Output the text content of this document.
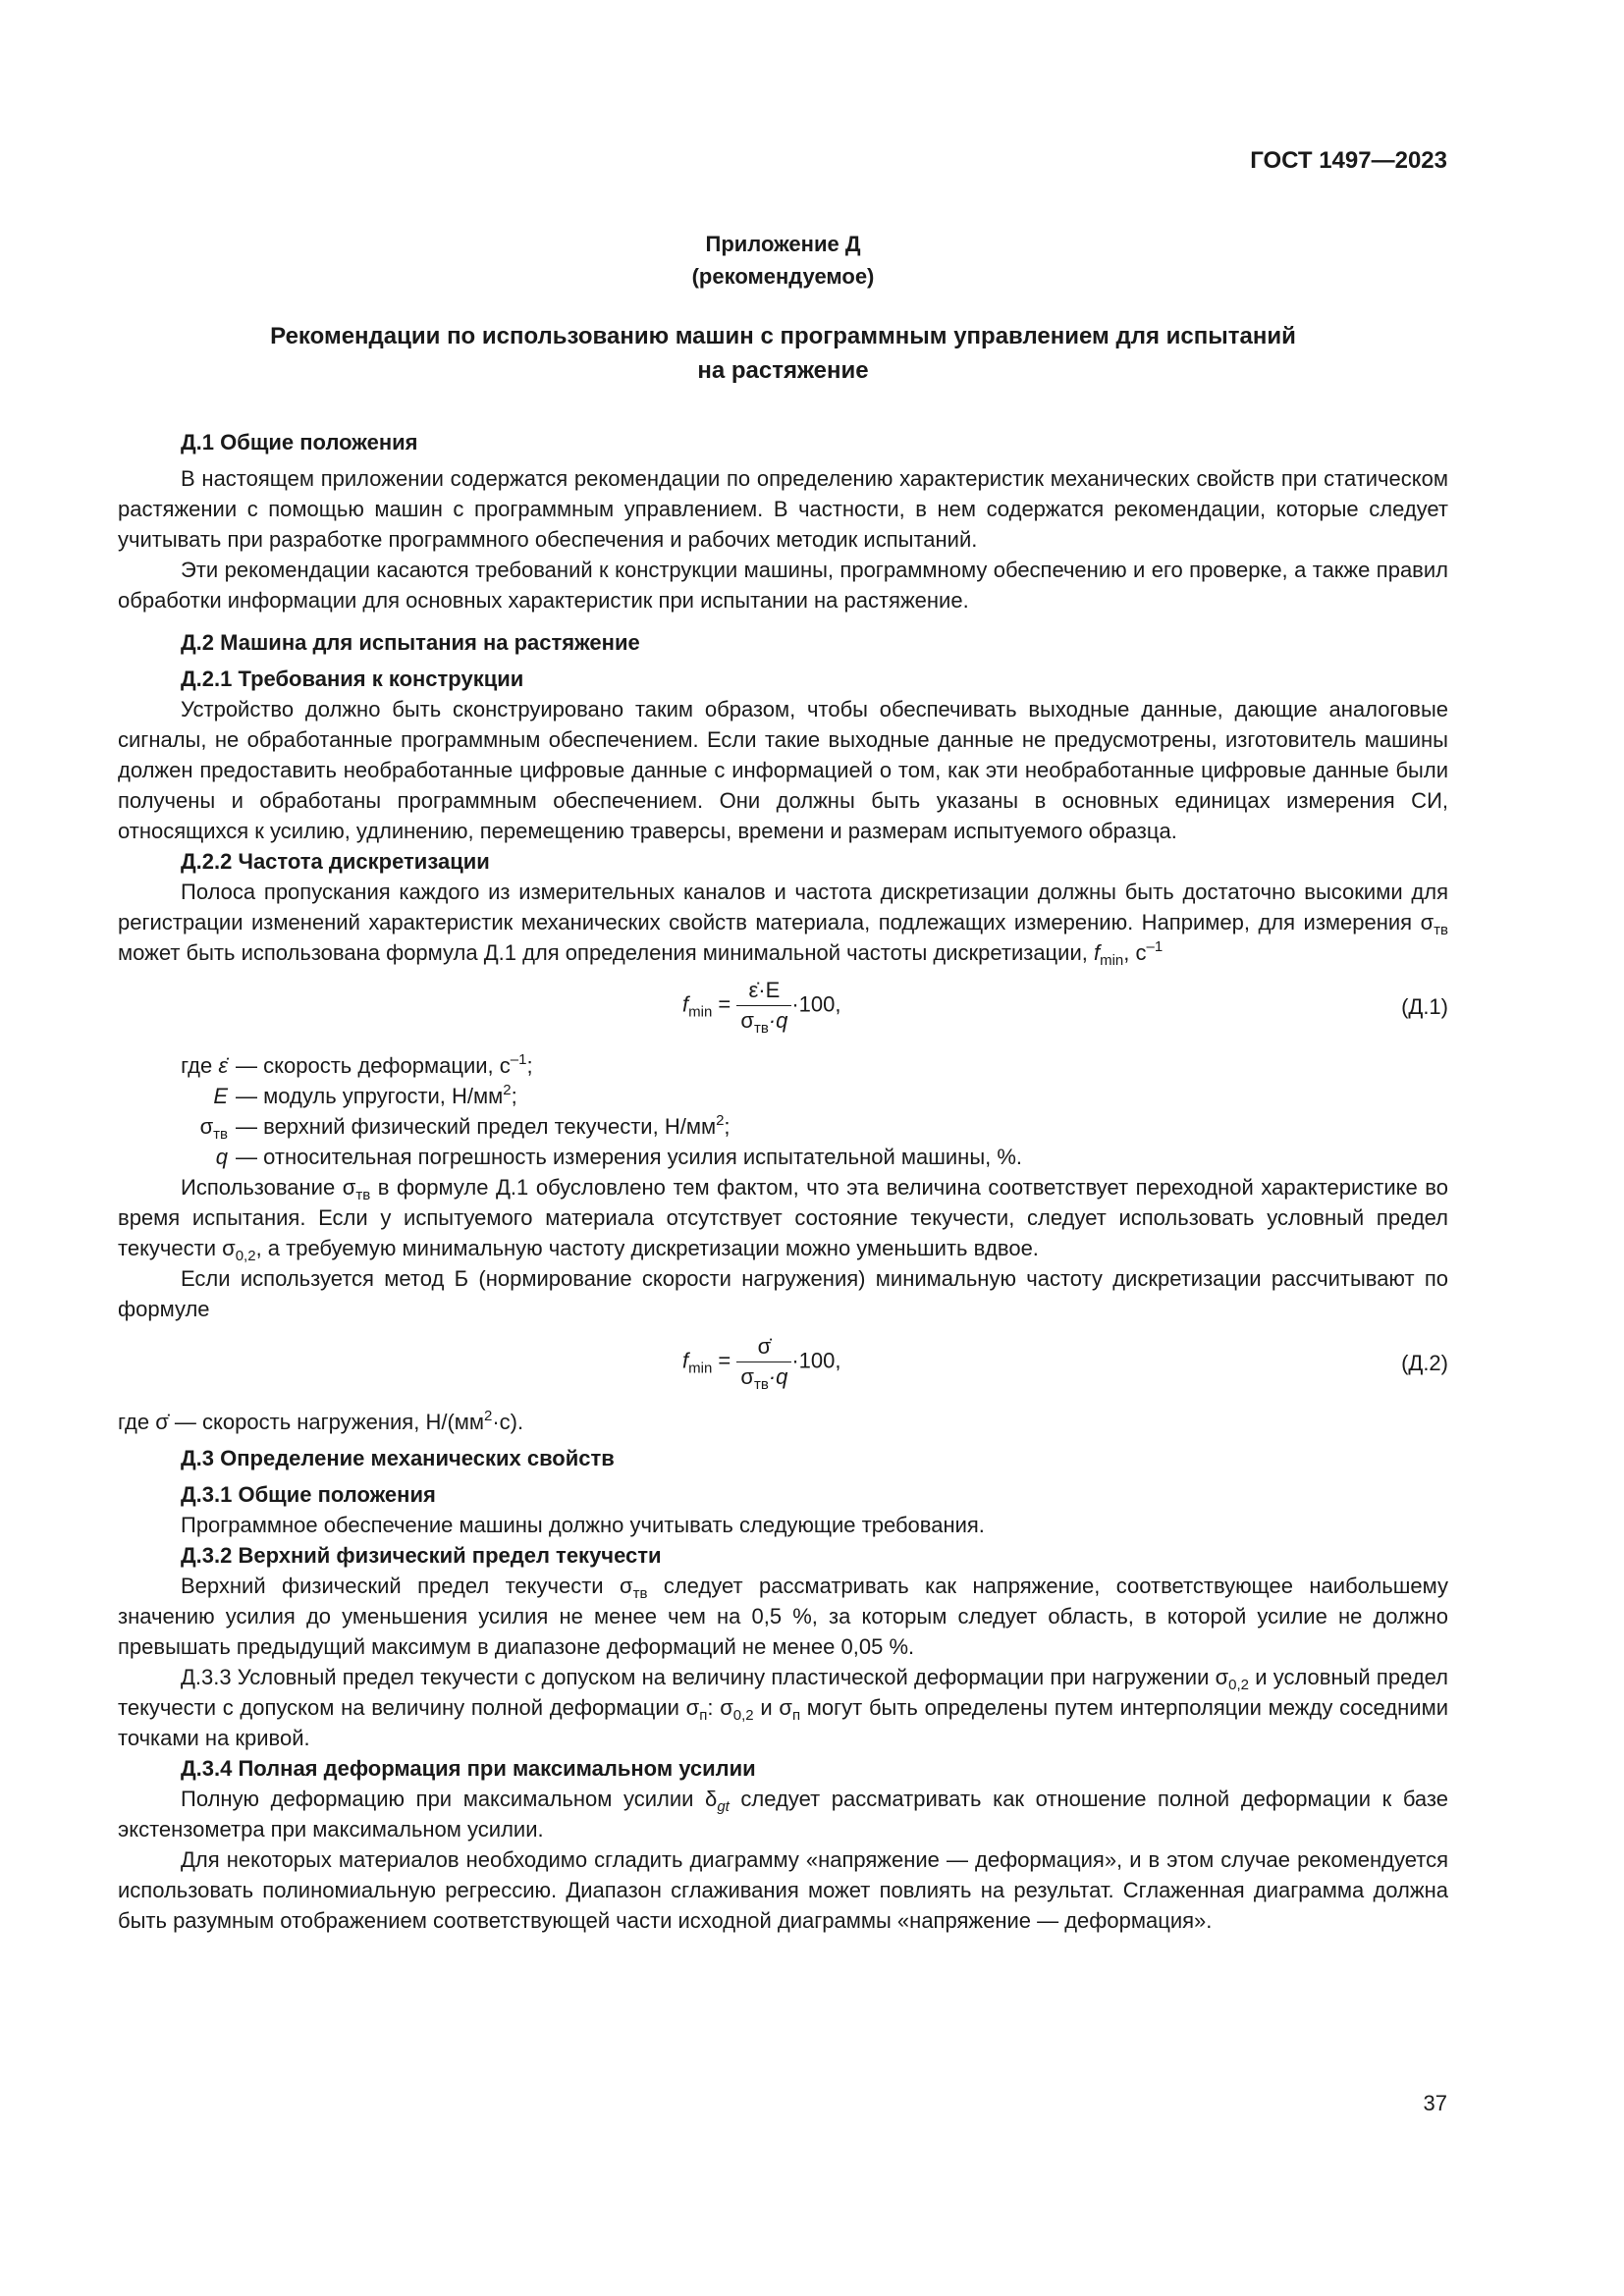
ГОСТ 1497—2023
Приложение Д
(рекомендуемое)
Рекомендации по использованию машин с программным управлением для испытаний
на растяжение

Д.1 Общие положения

В настоящем приложении содержатся рекомендации по определению характеристик механических свойств при статическом растяжении с помощью машин с программным управлением. В частности, в нем содержатся рекомендации, которые следует учитывать при разработке программного обеспечения и рабочих методик испытаний.

Эти рекомендации касаются требований к конструкции машины, программному обеспечению и его проверке, а также правил обработки информации для основных характеристик при испытании на растяжение.

Д.2 Машина для испытания на растяжение

Д.2.1 Требования к конструкции

Устройство должно быть сконструировано таким образом, чтобы обеспечивать выходные данные, дающие аналоговые сигналы, не обработанные программным обеспечением. Если такие выходные данные не предусмотрены, изготовитель машины должен предоставить необработанные цифровые данные с информацией о том, как эти необработанные цифровые данные были получены и обработаны программным обеспечением. Они должны быть указаны в основных единицах измерения СИ, относящихся к усилию, удлинению, перемещению траверсы, времени и размерам испытуемого образца.

Д.2.2 Частота дискретизации

Полоса пропускания каждого из измерительных каналов и частота дискретизации должны быть достаточно высокими для регистрации изменений характеристик механических свойств материала, подлежащих измерению. Например, для измерения $\sigma_{тв}$ может быть использована формула Д.1 для определения минимальной частоты дискретизации, $f_{min}$, $с^{-1}$

$f_{min} = \frac{\varepsiloṅ\cdot E}{\sigma_{тв}\cdot q} \cdot 100$,	(Д.1)
где ε̇ — скорость деформации, $с^{-1}$;
E — модуль упругости, $Н/мм^2$;
$\sigma_{тв}$ — верхний физический предел текучести, $Н/мм^2$;
q — относительная погрешность измерения усилия испытательной машины, %.

Использование $\sigma_{тв}$ в формуле Д.1 обусловлено тем фактом, что эта величина соответствует переходной характеристике во время испытания. Если у испытуемого материала отсутствует состояние текучести, следует использовать условный предел текучести $\sigma_{0,2}$, а требуемую минимальную частоту дискретизации можно уменьшить вдвое.

Если используется метод Б (нормирование скорости нагружения) минимальную частоту дискретизации рассчитывают по формуле

$f_{min} = \frac{\sigmȧ}{\sigma_{тв}\cdot q} \cdot 100$,	(Д.2)

где σ̇ — скорость нагружения, $Н/(мм^2\cdot с)$.

Д.3 Определение механических свойств

Д.3.1 Общие положения

Программное обеспечение машины должно учитывать следующие требования.

Д.3.2 Верхний физический предел текучести

Верхний физический предел текучести $\sigma_{тв}$ следует рассматривать как напряжение, соответствующее наибольшему значению усилия до уменьшения усилия не менее чем на 0,5 %, за которым следует область, в которой усилие не должно превышать предыдущий максимум в диапазоне деформаций не менее 0,05 %.

Д.3.3 Условный предел текучести с допуском на величину пластической деформации при нагружении $\sigma_{0,2}$ и условный предел текучести с допуском на величину полной деформации $\sigma_п$: $\sigma_{0,2}$ и $\sigma_п$ могут быть определены путем интерполяции между соседними точками на кривой.

Д.3.4 Полная деформация при максимальном усилии

Полную деформацию при максимальном усилии $\delta_{gt}$ следует рассматривать как отношение полной деформации к базе экстензометра при максимальном усилии.

Для некоторых материалов необходимо сгладить диаграмму «напряжение — деформация», и в этом случае рекомендуется использовать полиномиальную регрессию. Диапазон сглаживания может повлиять на результат. Сглаженная диаграмма должна быть разумным отображением соответствующей части исходной диаграммы «напряжение — деформация».

37
